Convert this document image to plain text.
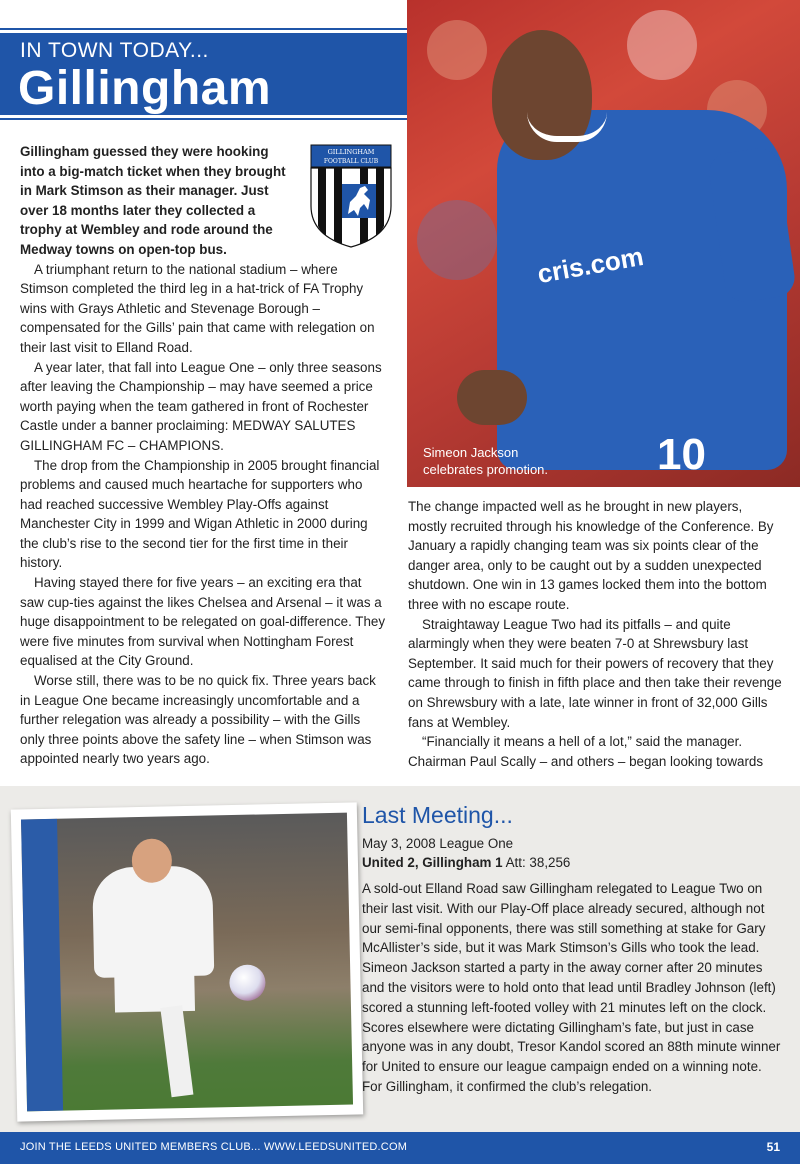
IN TOWN TODAY...
Gillingham
cris.com
10
Simeon Jackson
celebrates promotion.
GILLINGHAM
FOOTBALL CLUB

Gillingham guessed they were hooking

into a big-match ticket when they brought

in Mark Stimson as their manager. Just

over 18 months later they collected a

trophy at Wembley and rode around the

Medway towns on open-top bus.

A triumphant return to the national stadium – where Stimson completed the third leg in a hat-trick of FA Trophy wins with Grays Athletic and Stevenage Borough – compensated for the Gills’ pain that came with relegation on their last visit to Elland Road.

A year later, that fall into League One – only three seasons after leaving the Championship – may have seemed a price worth paying when the team gathered in front of Rochester Castle under a banner proclaiming: MEDWAY SALUTES GILLINGHAM FC – CHAMPIONS.

The drop from the Championship in 2005 brought financial problems and caused much heartache for supporters who had reached successive Wembley Play-Offs against Manchester City in 1999 and Wigan Athletic in 2000 during the club’s rise to the second tier for the first time in their history.

Having stayed there for five years – an exciting era that saw cup-ties against the likes Chelsea and Arsenal – it was a huge disappointment to be relegated on goal-difference. They were five minutes from survival when Nottingham Forest equalised at the City Ground.

Worse still, there was to be no quick fix. Three years back in League One became increasingly uncomfortable and a further relegation was already a possibility – with the Gills only three points above the safety line – when Stimson was appointed nearly two years ago.

The change impacted well as he brought in new players, mostly recruited through his knowledge of the Conference. By January a rapidly changing team was six points clear of the danger area, only to be caught out by a sudden unexpected shutdown. One win in 13 games locked them into the bottom three with no escape route.

Straightaway League Two had its pitfalls – and quite alarmingly when they were beaten 7-0 at Shrewsbury last September. It said much for their powers of recovery that they came through to finish in fifth place and then take their revenge on Shrewsbury with a late, late winner in front of 32,000 Gills fans at Wembley.

“Financially it means a hell of a lot,” said the manager. Chairman Paul Scally – and others – began looking towards

Last Meeting...
May 3, 2008 League One
United 2, Gillingham 1 Att: 38,256
A sold-out Elland Road saw Gillingham relegated to League Two on their last visit. With our Play-Off place already secured, although not our semi-final opponents, there was still something at stake for Gary McAllister’s side, but it was Mark Stimson’s Gills who took the lead. Simeon Jackson started a party in the away corner after 20 minutes and the visitors were to hold onto that lead until Bradley Johnson (left) scored a stunning left-footed volley with 21 minutes left on the clock. Scores elsewhere were dictating Gillingham’s fate, but just in case anyone was in any doubt, Tresor Kandol scored an 88th minute winner for United to ensure our league campaign ended on a winning note. For Gillingham, it confirmed the club’s relegation.
JOIN THE LEEDS UNITED MEMBERS CLUB... WWW.LEEDSUNITED.COM	51
